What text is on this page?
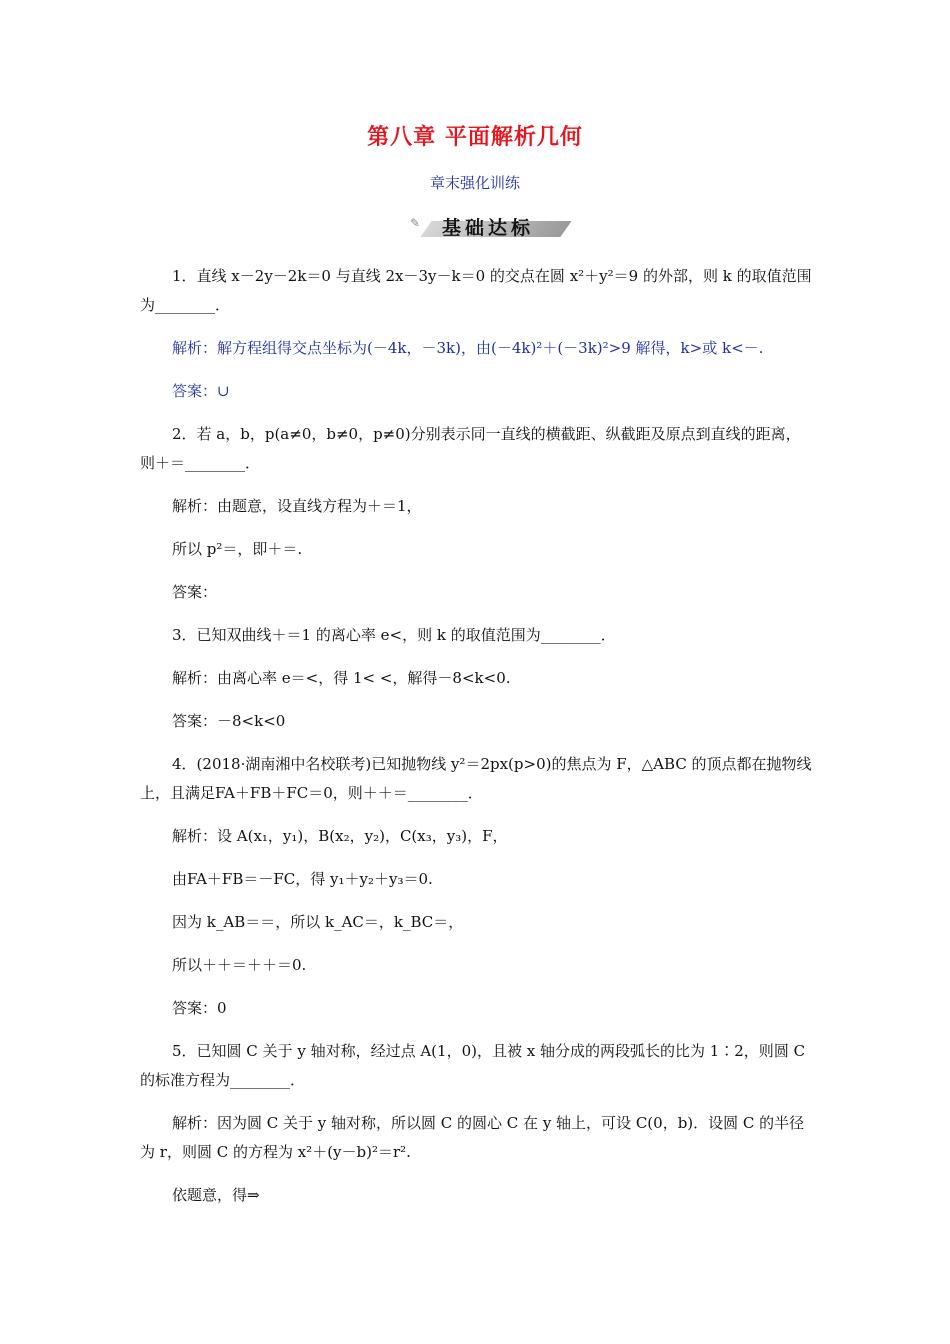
第八章 平面解析几何
章末强化训练
✎ 基础达标

1．直线 x－2y－2k＝0 与直线 2x－3y－k＝0 的交点在圆 x²＋y²＝9 的外部，则 k 的取值范围为________．

解析：解方程组得交点坐标为(－4k，－3k)，由(－4k)²＋(－3k)²>9 解得，k>或 k<－.

答案：∪

2．若 a，b，p(a≠0，b≠0，p≠0)分别表示同一直线的横截距、纵截距及原点到直线的距离，则＋＝________．

解析：由题意，设直线方程为＋＝1，

所以 p²＝，即＋＝.

答案：

3．已知双曲线＋＝1 的离心率 e<，则 k 的取值范围为________．

解析：由离心率 e＝<，得 1< <，解得－8<k<0.

答案：－8<k<0

4．(2018·湖南湘中名校联考)已知抛物线 y²＝2px(p>0)的焦点为 F，△ABC 的顶点都在抛物线上，且满足FA＋FB＋FC＝0，则＋＋＝________．

解析：设 A(x₁，y₁)，B(x₂，y₂)，C(x₃，y₃)，F，

由FA＋FB＝－FC，得 y₁＋y₂＋y₃＝0.

因为 k_AB＝＝，所以 k_AC＝，k_BC＝，

所以＋＋＝＋＋＝0.

答案：0

5．已知圆 C 关于 y 轴对称，经过点 A(1，0)，且被 x 轴分成的两段弧长的比为 1∶2，则圆 C 的标准方程为________．

解析：因为圆 C 关于 y 轴对称，所以圆 C 的圆心 C 在 y 轴上，可设 C(0，b)．设圆 C 的半径为 r，则圆 C 的方程为 x²＋(y－b)²＝r².

依题意，得⇒
